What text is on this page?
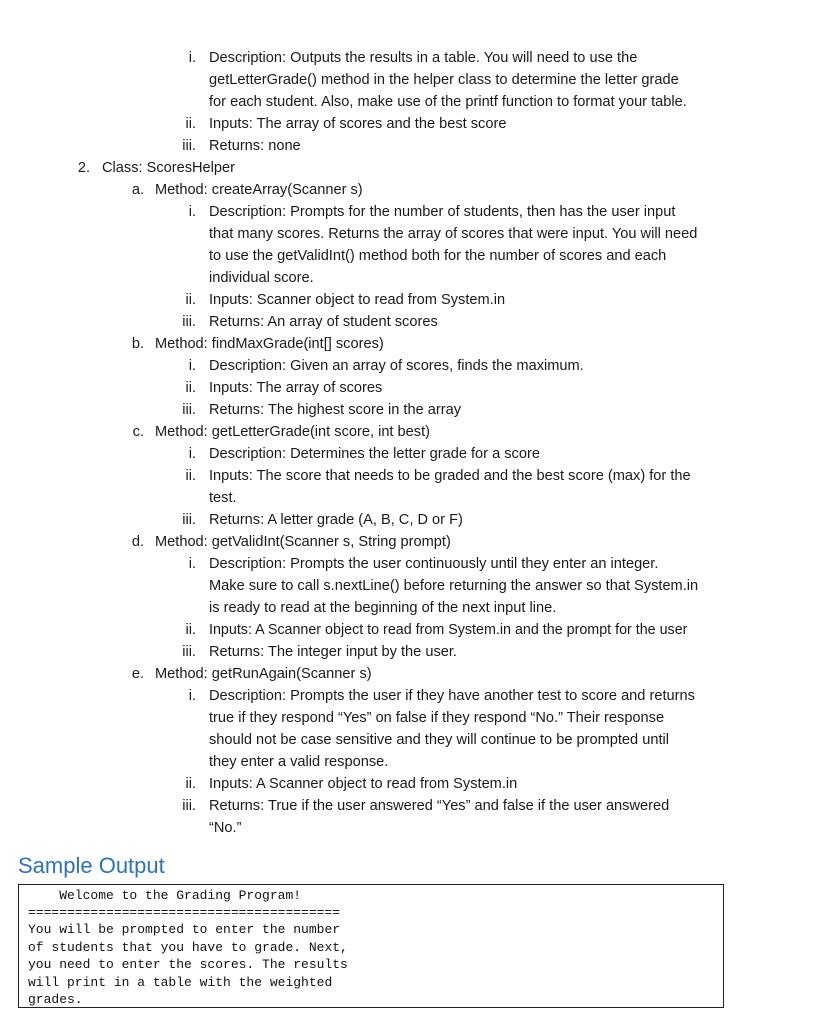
i. Description: Outputs the results in a table. You will need to use the
getLetterGrade() method in the helper class to determine the letter grade
for each student. Also, make use of the printf function to format your table.
ii. Inputs: The array of scores and the best score
iii. Returns: none
2. Class: ScoresHelper
a. Method: createArray(Scanner s)
i. Description: Prompts for the number of students, then has the user input
that many scores. Returns the array of scores that were input. You will need
to use the getValidInt() method both for the number of scores and each
individual score.
ii. Inputs: Scanner object to read from System.in
iii. Returns: An array of student scores
b. Method: findMaxGrade(int[] scores)
i. Description: Given an array of scores, finds the maximum.
ii. Inputs: The array of scores
iii. Returns: The highest score in the array
c. Method: getLetterGrade(int score, int best)
i. Description: Determines the letter grade for a score
ii. Inputs: The score that needs to be graded and the best score (max) for the
test.
iii. Returns: A letter grade (A, B, C, D or F)
d. Method: getValidInt(Scanner s, String prompt)
i. Description: Prompts the user continuously until they enter an integer.
Make sure to call s.nextLine() before returning the answer so that System.in
is ready to read at the beginning of the next input line.
ii. Inputs: A Scanner object to read from System.in and the prompt for the user
iii. Returns: The integer input by the user.
e. Method: getRunAgain(Scanner s)
i. Description: Prompts the user if they have another test to score and returns
true if they respond “Yes” on false if they respond “No.” Their response
should not be case sensitive and they will continue to be prompted until
they enter a valid response.
ii. Inputs: A Scanner object to read from System.in
iii. Returns: True if the user answered “Yes” and false if the user answered
“No.”
Sample Output
Welcome to the Grading Program!
========================================
You will be prompted to enter the number
of students that you have to grade. Next,
you need to enter the scores. The results
will print in a table with the weighted
grades.
